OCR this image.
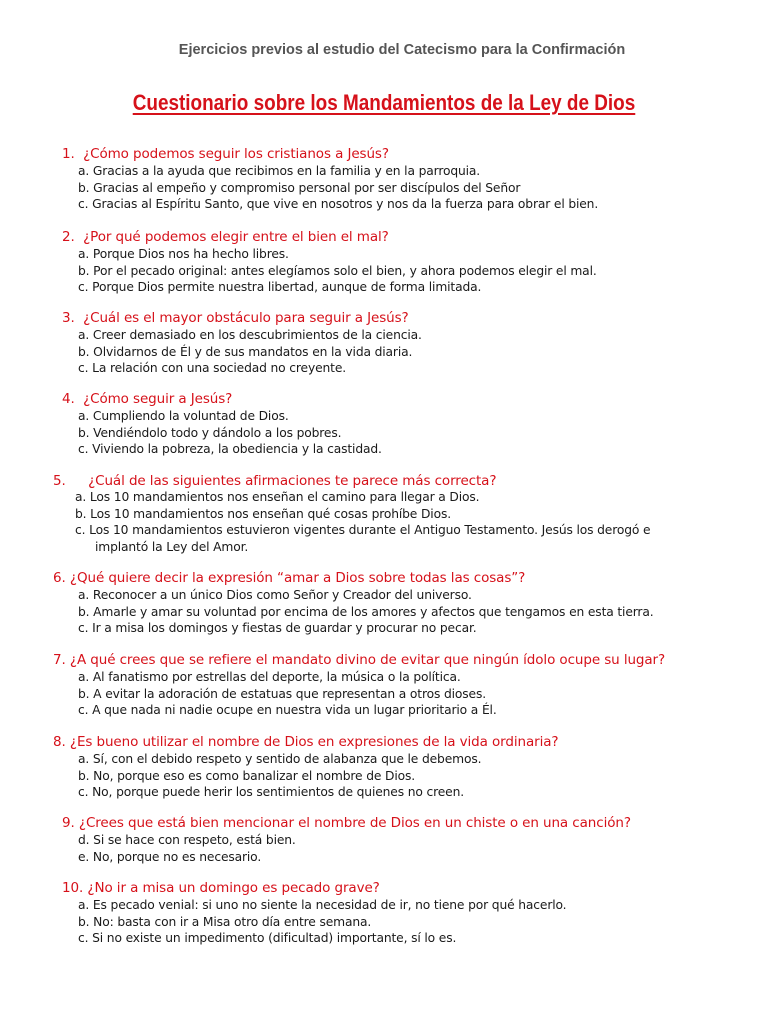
Ejercicios previos al estudio del Catecismo para la Confirmación
Cuestionario sobre los Mandamientos de la Ley de Dios
1. ¿Cómo podemos seguir los cristianos a Jesús?
a. Gracias a la ayuda que recibimos en la familia y en la parroquia.
b. Gracias al empeño y compromiso personal por ser discípulos del Señor
c. Gracias al Espíritu Santo, que vive en nosotros y nos da la fuerza para obrar el bien.
2. ¿Por qué podemos elegir entre el bien el mal?
a. Porque Dios nos ha hecho libres.
b. Por el pecado original: antes elegíamos solo el bien, y ahora podemos elegir el mal.
c. Porque Dios permite nuestra libertad, aunque de forma limitada.
3. ¿Cuál es el mayor obstáculo para seguir a Jesús?
a. Creer demasiado en los descubrimientos de la ciencia.
b. Olvidarnos de Él y de sus mandatos en la vida diaria.
c. La relación con una sociedad no creyente.
4. ¿Cómo seguir a Jesús?
a. Cumpliendo la voluntad de Dios.
b. Vendiéndolo todo y dándolo a los pobres.
c. Viviendo la pobreza, la obediencia y la castidad.
5. ¿Cuál de las siguientes afirmaciones te parece más correcta?
a. Los 10 mandamientos nos enseñan el camino para llegar a Dios.
b. Los 10 mandamientos nos enseñan qué cosas prohíbe Dios.
c. Los 10 mandamientos estuvieron vigentes durante el Antiguo Testamento. Jesús los derogó e
implantó la Ley del Amor.
6. ¿Qué quiere decir la expresión “amar a Dios sobre todas las cosas”?
a. Reconocer a un único Dios como Señor y Creador del universo.
b. Amarle y amar su voluntad por encima de los amores y afectos que tengamos en esta tierra.
c. Ir a misa los domingos y fiestas de guardar y procurar no pecar.
7. ¿A qué crees que se refiere el mandato divino de evitar que ningún ídolo ocupe su lugar?
a. Al fanatismo por estrellas del deporte, la música o la política.
b. A evitar la adoración de estatuas que representan a otros dioses.
c. A que nada ni nadie ocupe en nuestra vida un lugar prioritario a Él.
8. ¿Es bueno utilizar el nombre de Dios en expresiones de la vida ordinaria?
a. Sí, con el debido respeto y sentido de alabanza que le debemos.
b. No, porque eso es como banalizar el nombre de Dios.
c. No, porque puede herir los sentimientos de quienes no creen.
9. ¿Crees que está bien mencionar el nombre de Dios en un chiste o en una canción?
d. Si se hace con respeto, está bien.
e. No, porque no es necesario.
10. ¿No ir a misa un domingo es pecado grave?
a. Es pecado venial: si uno no siente la necesidad de ir, no tiene por qué hacerlo.
b. No: basta con ir a Misa otro día entre semana.
c. Si no existe un impedimento (dificultad) importante, sí lo es.
